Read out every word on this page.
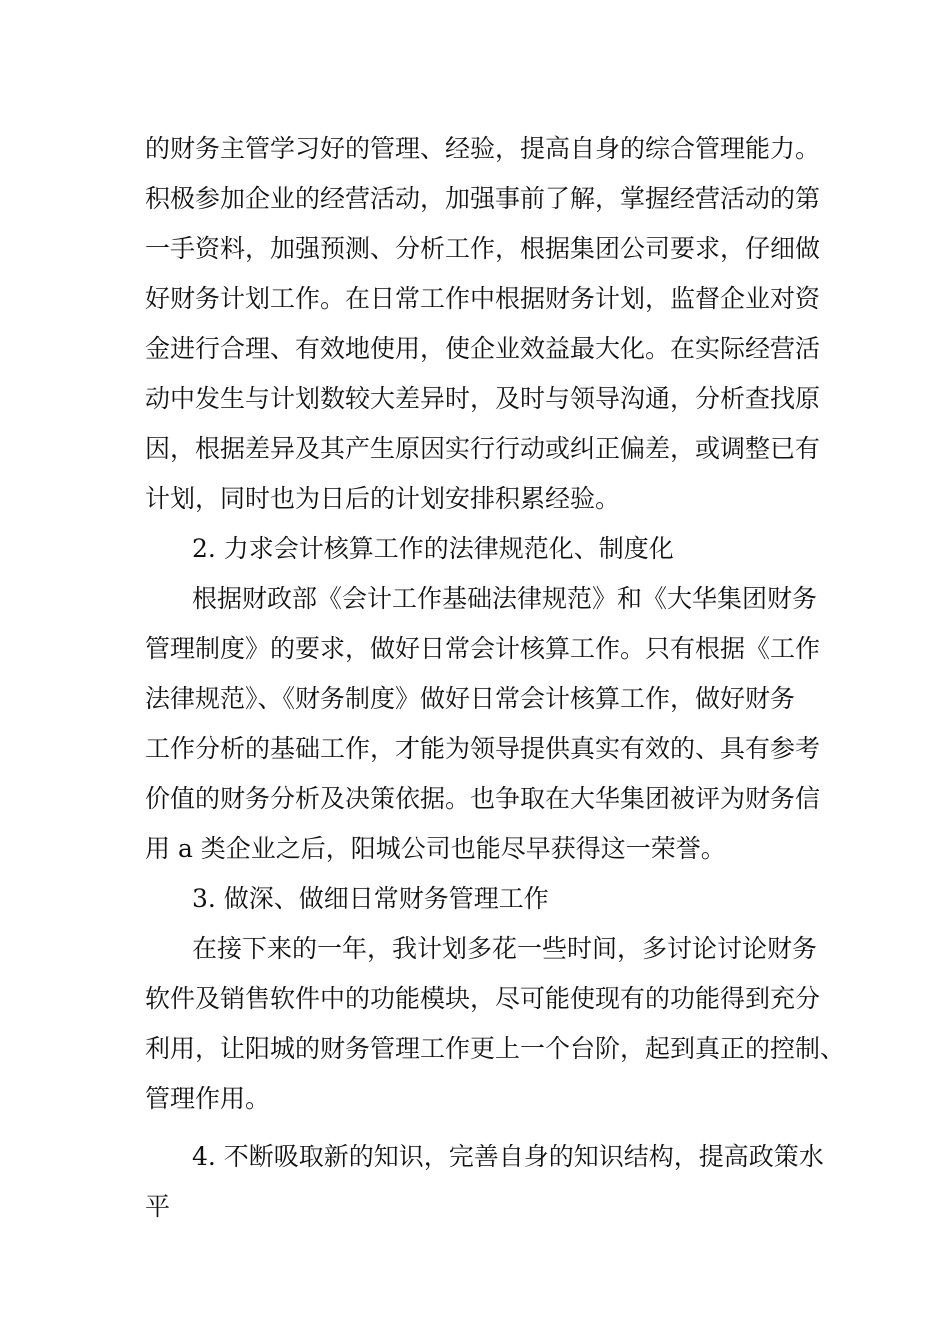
的财务主管学习好的管理、经验，提高自身的综合管理能力。
积极参加企业的经营活动，加强事前了解，掌握经营活动的第
一手资料，加强预测、分析工作，根据集团公司要求，仔细做
好财务计划工作。在日常工作中根据财务计划，监督企业对资
金进行合理、有效地使用，使企业效益最大化。在实际经营活
动中发生与计划数较大差异时，及时与领导沟通，分析查找原
因，根据差异及其产生原因实行行动或纠正偏差，或调整已有
计划，同时也为日后的计划安排积累经验。
2. 力求会计核算工作的法律规范化、制度化
根据财政部《会计工作基础法律规范》和《大华集团财务
管理制度》的要求，做好日常会计核算工作。只有根据《工作
法律规范》、《财务制度》做好日常会计核算工作，做好财务
工作分析的基础工作，才能为领导提供真实有效的、具有参考
价值的财务分析及决策依据。也争取在大华集团被评为财务信
用 a 类企业之后，阳城公司也能尽早获得这一荣誉。
3. 做深、做细日常财务管理工作
在接下来的一年，我计划多花一些时间，多讨论讨论财务
软件及销售软件中的功能模块，尽可能使现有的功能得到充分
利用，让阳城的财务管理工作更上一个台阶，起到真正的控制、
管理作用。
4. 不断吸取新的知识，完善自身的知识结构，提高政策水
平
